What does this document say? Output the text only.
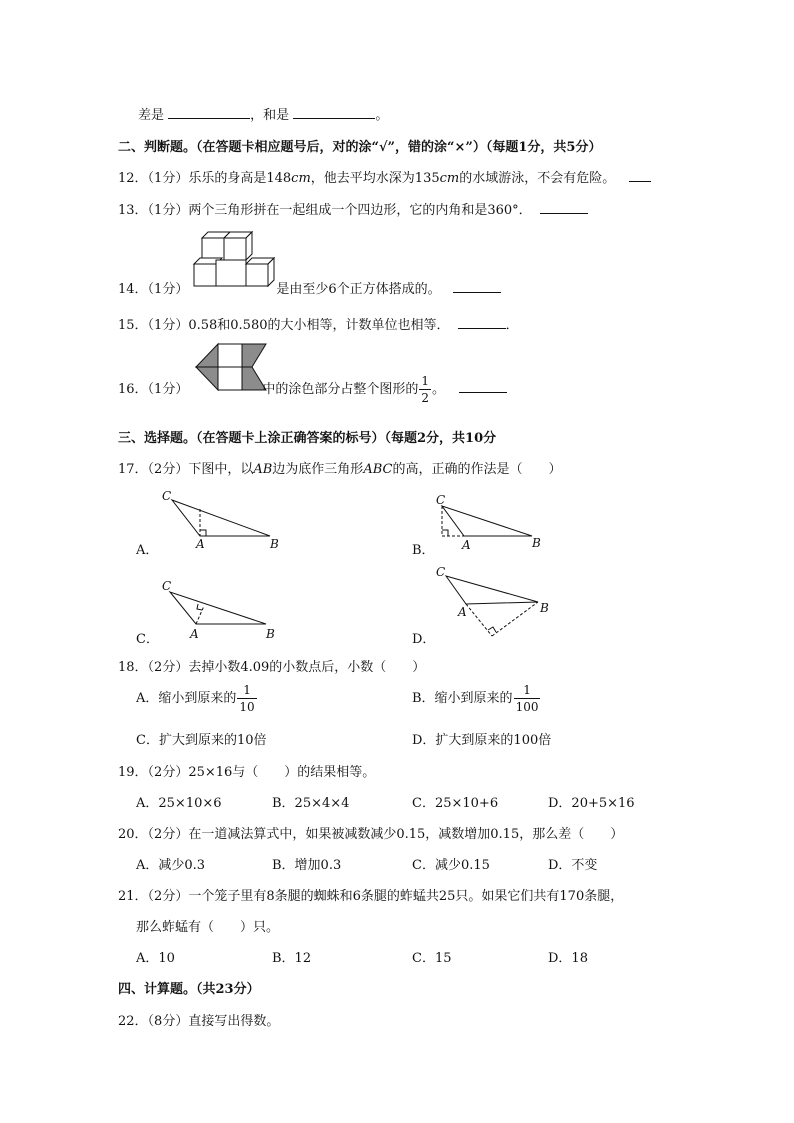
差是	，和是	。
二、判断题。（在答题卡相应题号后，对的涂“√”，错的涂“×”）（每题1分，共5分）
12．（1分）乐乐的身高是148cm，他去平均水深为135cm的水域游泳，不会有危险。
13．（1分）两个三角形拼在一起组成一个四边形，它的内角和是360°．
14．（1分）	是由至少6个正方体搭成的。
15．（1分）0.58和0.580的大小相等，计数单位也相等．	．
16．（1分）	中的涂色部分占整个图形的 $\frac{1}{2}$ 。
三、选择题。（在答题卡上涂正确答案的标号）（每题2分，共10分
17．（2分）下图中，以AB边为底作三角形ABC的高，正确的作法是（　　）
A．
C
A	B	B．
C
A	B
C．
C
A	B	D．
C
A	B
18．（2分）去掉小数4.09的小数点后，小数（　　）
A．缩小到原来的 $\frac{1}{10}$	B．缩小到原来的 $\frac{1}{100}$
C．扩大到原来的10倍	D．扩大到原来的100倍
19．（2分）25×16与（　　）的结果相等。
A．25×10×6	B．25×4×4	C．25×10+6	D．20+5×16
20．（2分）在一道减法算式中，如果被减数减少0.15，减数增加0.15，那么差（　　）
A．减少0.3	B．增加0.3	C．减少0.15	D．不变
21．（2分）一个笼子里有8条腿的蜘蛛和6条腿的蚱蜢共25只。如果它们共有170条腿，
那么蚱蜢有（　　）只。
A．10	B．12	C．15	D．18
四、计算题。（共23分）
22．（8分）直接写出得数。
